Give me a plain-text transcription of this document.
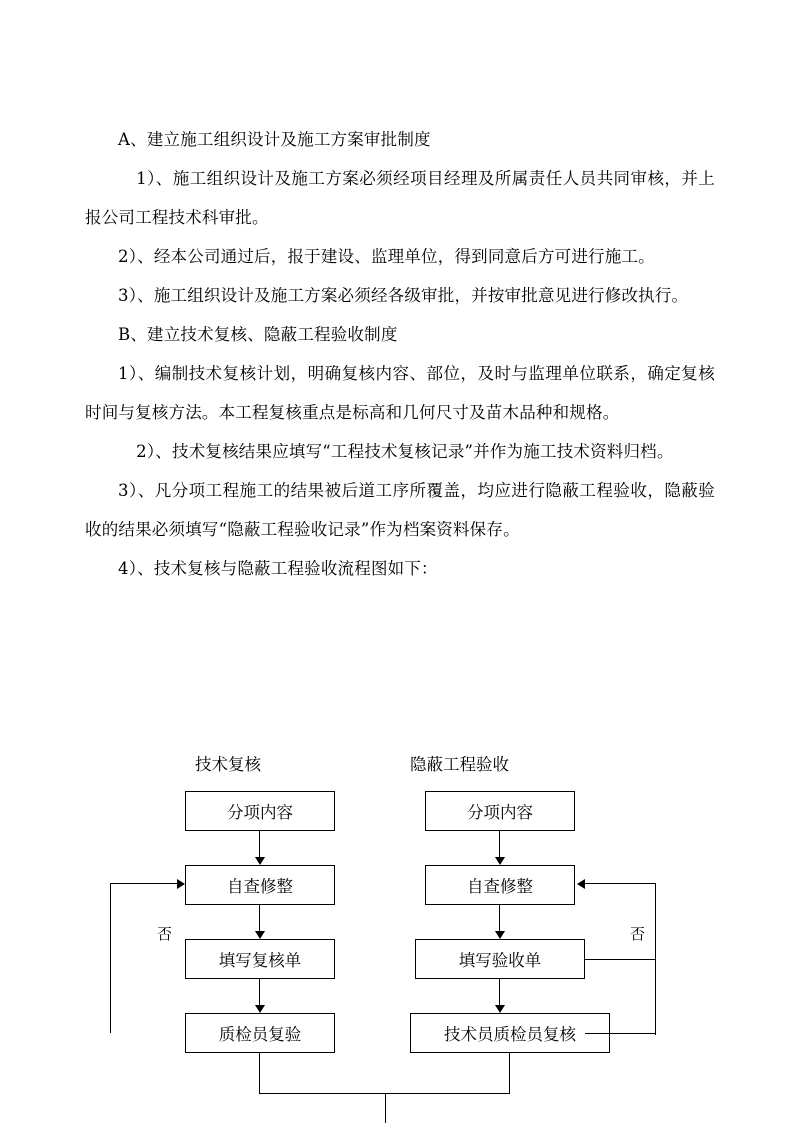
A、建立施工组织设计及施工方案审批制度

1）、施工组织设计及施工方案必须经项目经理及所属责任人员共同审核，并上报公司工程技术科审批。

2）、经本公司通过后，报于建设、监理单位，得到同意后方可进行施工。

3）、施工组织设计及施工方案必须经各级审批，并按审批意见进行修改执行。

B、建立技术复核、隐蔽工程验收制度

1）、编制技术复核计划，明确复核内容、部位，及时与监理单位联系，确定复核时间与复核方法。本工程复核重点是标高和几何尺寸及苗木品种和规格。

2）、技术复核结果应填写“工程技术复核记录”并作为施工技术资料归档。

3）、凡分项工程施工的结果被后道工序所覆盖，均应进行隐蔽工程验收，隐蔽验收的结果必须填写“隐蔽工程验收记录”作为档案资料保存。

4）、技术复核与隐蔽工程验收流程图如下：

技术复核	隐蔽工程验收
分项内容
自查修整
填写复核单
质检员复验
否
分项内容
自查修整
填写验收单
技术员质检员复核
否
